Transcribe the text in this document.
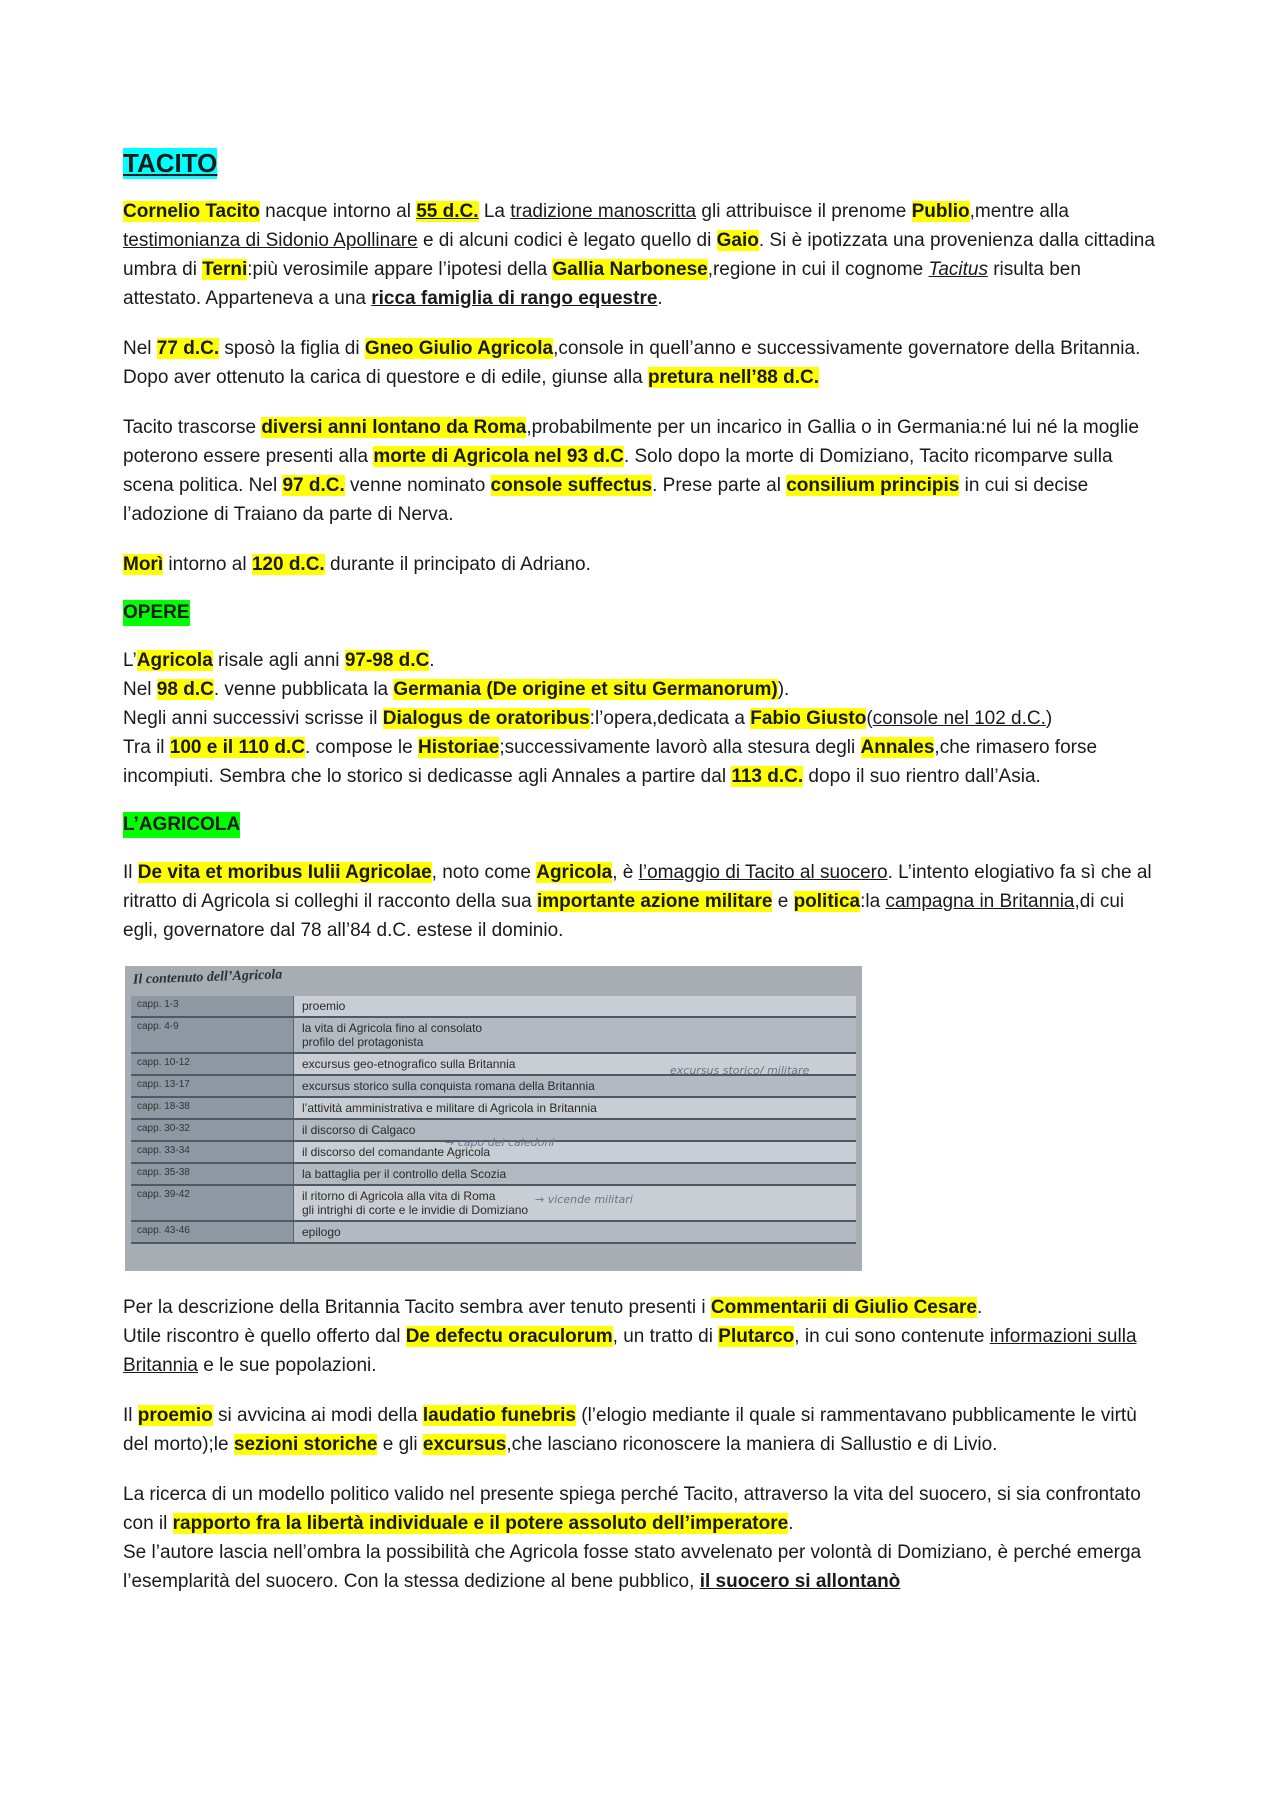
TACITO

Cornelio Tacito nacque intorno al 55 d.C. La tradizione manoscritta gli attribuisce il prenome Publio,mentre alla testimonianza di Sidonio Apollinare e di alcuni codici è legato quello di Gaio. Si è ipotizzata una provenienza dalla cittadina umbra di Terni:più verosimile appare l’ipotesi della Gallia Narbonese,regione in cui il cognome Tacitus risulta ben attestato. Apparteneva a una ricca famiglia di rango equestre.

Nel 77 d.C. sposò la figlia di Gneo Giulio Agricola,console in quell’anno e successivamente governatore della Britannia. Dopo aver ottenuto la carica di questore e di edile, giunse alla pretura nell’88 d.C.

Tacito trascorse diversi anni lontano da Roma,probabilmente per un incarico in Gallia o in Germania:né lui né la moglie poterono essere presenti alla morte di Agricola nel 93 d.C. Solo dopo la morte di Domiziano, Tacito ricomparve sulla scena politica. Nel 97 d.C. venne nominato console suffectus. Prese parte al consilium principis in cui si decise l’adozione di Traiano da parte di Nerva.

Morì intorno al 120 d.C. durante il principato di Adriano.

OPERE

L’Agricola risale agli anni 97-98 d.C.
Nel 98 d.C. venne pubblicata la Germania (De origine et situ Germanorum)).
Negli anni successivi scrisse il Dialogus de oratoribus:l’opera,dedicata a Fabio Giusto(console nel 102 d.C.)
Tra il 100 e il 110 d.C. compose le Historiae;successivamente lavorò alla stesura degli Annales,che rimasero forse incompiuti. Sembra che lo storico si dedicasse agli Annales a partire dal 113 d.C. dopo il suo rientro dall’Asia.

L’AGRICOLA

Il De vita et moribus Iulii Agricolae, noto come Agricola, è l’omaggio di Tacito al suocero. L’intento elogiativo fa sì che al ritratto di Agricola si colleghi il racconto della sua importante azione militare e politica:la campagna in Britannia,di cui egli, governatore dal 78 all’84 d.C. estese il dominio.

Il contenuto dell’Agricola
capp. 1-3	proemio
capp. 4-9	la vita di Agricola fino al consolato
profilo del protagonista
capp. 10-12	excursus geo-etnografico sulla Britannia
capp. 13-17	excursus storico sulla conquista romana della Britannia
capp. 18-38	l’attività amministrativa e militare di Agricola in Britannia
capp. 30-32	il discorso di Calgaco
capp. 33-34	il discorso del comandante Agricola
capp. 35-38	la battaglia per il controllo della Scozia
capp. 39-42	il ritorno di Agricola alla vita di Roma
gli intrighi di corte e le invidie di Domiziano
capp. 43-46	epilogo
excursus storico/ militare
→ capo dei caledoni
→ vicende militari

Per la descrizione della Britannia Tacito sembra aver tenuto presenti i Commentarii di Giulio Cesare.
Utile riscontro è quello offerto dal De defectu oraculorum, un tratto di Plutarco, in cui sono contenute informazioni sulla Britannia e le sue popolazioni.

Il proemio si avvicina ai modi della laudatio funebris (l’elogio mediante il quale si rammentavano pubblicamente le virtù del morto);le sezioni storiche e gli excursus,che lasciano riconoscere la maniera di Sallustio e di Livio.

La ricerca di un modello politico valido nel presente spiega perché Tacito, attraverso la vita del suocero, si sia confrontato con il rapporto fra la libertà individuale e il potere assoluto dell’imperatore.
Se l’autore lascia nell’ombra la possibilità che Agricola fosse stato avvelenato per volontà di Domiziano, è perché emerga l’esemplarità del suocero. Con la stessa dedizione al bene pubblico, il suocero si allontanò
